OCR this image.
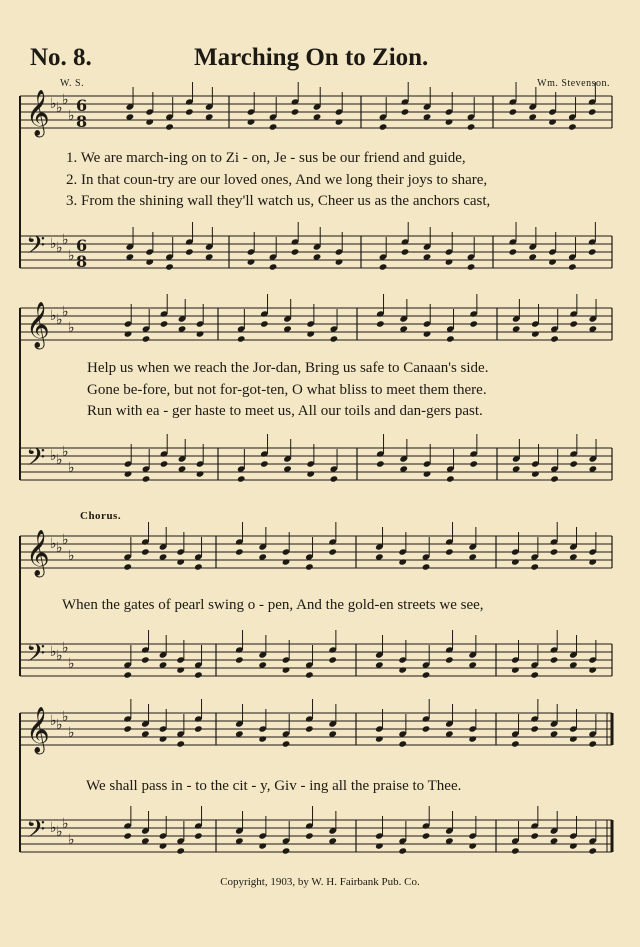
𝄞 ♭ ♭ ♭
♭
6
8
𝄢 ♭ ♭ ♭
♭
6
8
𝄞 ♭ ♭ ♭
♭
𝄢 ♭ ♭ ♭
♭
𝄞 ♭ ♭ ♭
♭
𝄢 ♭ ♭ ♭
♭
𝄞 ♭ ♭ ♭
♭
𝄢 ♭ ♭ ♭
♭
No. 8.	Marching On to Zion.
W. S.	Wm. Stevenson.
1. We are march-ing on to Zi - on, Je - sus be our friend and guide,
2. In that coun-try are our loved ones, And we long their joys to share,
3. From the shining wall they'll watch us, Cheer us as the anchors cast,
Help us when we reach the Jor-dan, Bring us safe to Canaan's side.
Gone be-fore, but not for-got-ten, O what bliss to meet them there.
Run with ea - ger haste to meet us, All our toils and dan-gers past.
Chorus.
When the gates of pearl swing o - pen, And the gold-en streets we see,
We shall pass in - to the cit - y, Giv - ing all the praise to Thee.
Copyright, 1903, by W. H. Fairbank Pub. Co.
